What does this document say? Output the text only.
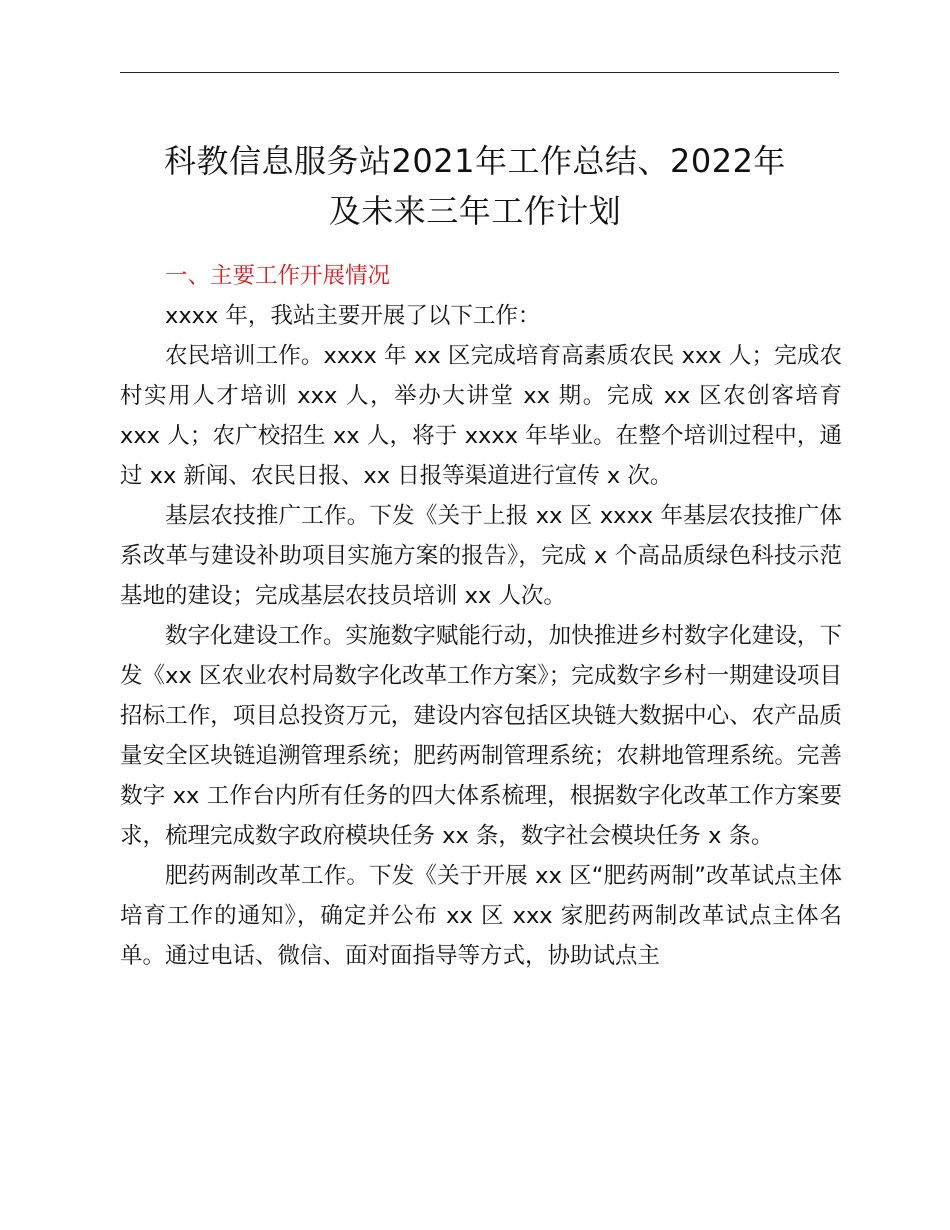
科教信息服务站2021年工作总结、2022年
及未来三年工作计划

一、主要工作开展情况

xxxx 年，我站主要开展了以下工作：

农民培训工作。xxxx 年 xx 区完成培育高素质农民 xxx 人；完成农村实用人才培训 xxx 人，举办大讲堂 xx 期。完成 xx 区农创客培育 xxx 人；农广校招生 xx 人，将于 xxxx 年毕业。在整个培训过程中，通过 xx 新闻、农民日报、xx 日报等渠道进行宣传 x 次。

基层农技推广工作。下发《关于上报 xx 区 xxxx 年基层农技推广体系改革与建设补助项目实施方案的报告》，完成 x 个高品质绿色科技示范基地的建设；完成基层农技员培训 xx 人次。

数字化建设工作。实施数字赋能行动，加快推进乡村数字化建设，下发《xx 区农业农村局数字化改革工作方案》；完成数字乡村一期建设项目招标工作，项目总投资万元，建设内容包括区块链大数据中心、农产品质量安全区块链追溯管理系统；肥药两制管理系统；农耕地管理系统。完善数字 xx 工作台内所有任务的四大体系梳理，根据数字化改革工作方案要求，梳理完成数字政府模块任务 xx 条，数字社会模块任务 x 条。

肥药两制改革工作。下发《关于开展 xx 区“肥药两制”改革试点主体培育工作的通知》，确定并公布 xx 区 xxx 家肥药两制改革试点主体名单。通过电话、微信、面对面指导等方式，协助试点主
